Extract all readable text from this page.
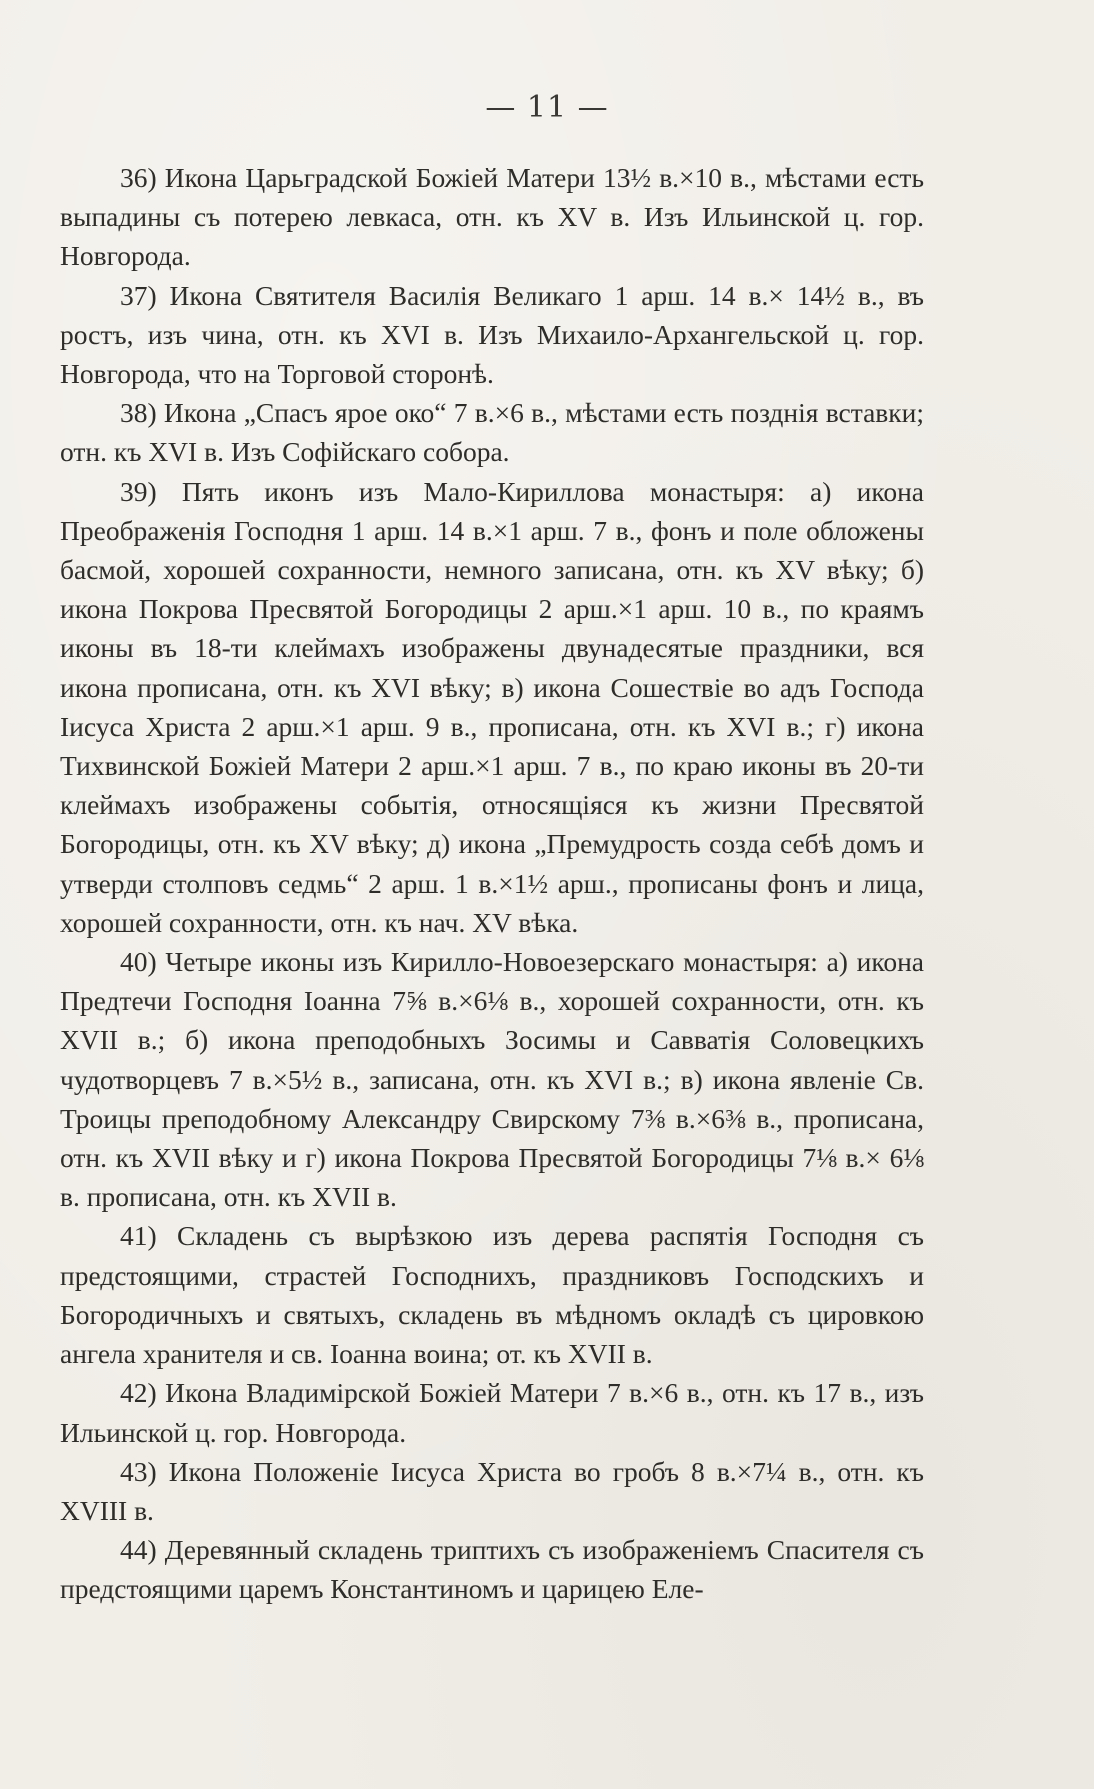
— 11 —

36) Икона Царьградской Божіей Матери 13½ в.×10 в., мѣстами есть выпадины съ потерею левкаса, отн. къ XV в. Изъ Ильинской ц. гор. Новгорода.

37) Икона Святителя Василія Великаго 1 арш. 14 в.× 14½ в., въ ростъ, изъ чина, отн. къ XVI в. Изъ Михаило-Архангельской ц. гор. Новгорода, что на Торговой сторонѣ.

38) Икона „Спасъ ярое око“ 7 в.×6 в., мѣстами есть позднія вставки; отн. къ XVI в. Изъ Софійскаго собора.

39) Пять иконъ изъ Мало-Кириллова монастыря: а) икона Преображенія Господня 1 арш. 14 в.×1 арш. 7 в., фонъ и поле обложены басмой, хорошей сохранности, немного записана, отн. къ XV вѣку; б) икона Покрова Пресвятой Богородицы 2 арш.×1 арш. 10 в., по краямъ иконы въ 18-ти клеймахъ изображены двунадесятые праздники, вся икона прописана, отн. къ XVI вѣку; в) икона Сошествіе во адъ Господа Іисуса Христа 2 арш.×1 арш. 9 в., прописана, отн. къ XVI в.; г) икона Тихвинской Божіей Матери 2 арш.×1 арш. 7 в., по краю иконы въ 20-ти клеймахъ изображены событія, относящіяся къ жизни Пресвятой Богородицы, отн. къ XV вѣку; д) икона „Премудрость созда себѣ домъ и утверди столповъ седмь“ 2 арш. 1 в.×1½ арш., прописаны фонъ и лица, хорошей сохранности, отн. къ нач. XV вѣка.

40) Четыре иконы изъ Кирилло-Новоезерскаго монастыря: а) икона Предтечи Господня Іоанна 7⅝ в.×6⅛ в., хорошей сохранности, отн. къ XVII в.; б) икона преподобныхъ Зосимы и Савватія Соловецкихъ чудотворцевъ 7 в.×5½ в., записана, отн. къ XVI в.; в) икона явленіе Св. Троицы преподобному Александру Свирскому 7⅜ в.×6⅜ в., прописана, отн. къ XVII вѣку и г) икона Покрова Пресвятой Богородицы 7⅛ в.× 6⅛ в. прописана, отн. къ XVII в.

41) Складень съ вырѣзкою изъ дерева распятія Господня съ предстоящими, страстей Господнихъ, праздниковъ Господскихъ и Богородичныхъ и святыхъ, складень въ мѣдномъ окладѣ съ цировкою ангела хранителя и св. Іоанна воина; от. къ XVII в.

42) Икона Владимірской Божіей Матери 7 в.×6 в., отн. къ 17 в., изъ Ильинской ц. гор. Новгорода.

43) Икона Положеніе Іисуса Христа во гробъ 8 в.×7¼ в., отн. къ XVIII в.

44) Деревянный складень триптихъ съ изображеніемъ Спасителя съ предстоящими царемъ Константиномъ и царицею Еле-
